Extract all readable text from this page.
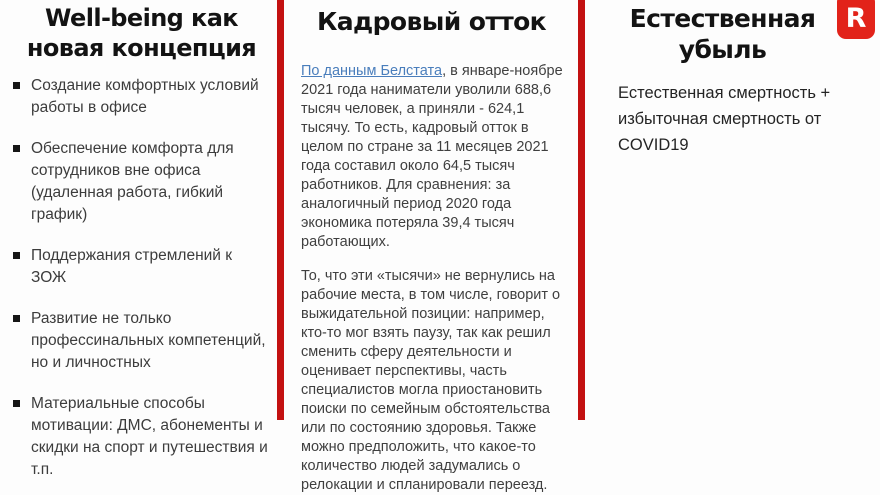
Well-being как новая концепция
Создание комфортных условий работы в офисе
Обеспечение комфорта для сотрудников вне офиса (удаленная работа, гибкий график)
Поддержания стремлений к ЗОЖ
Развитие не только профессинальных компетенций, но и личностных
Материальные способы мотивации: ДМС, абонементы и скидки на спорт и путешествия и т.п.
Кадровый отток

По данным Белстата, в январе-ноябре 2021 года наниматели уволили 688,6 тысяч человек, а приняли - 624,1 тысячу. То есть, кадровый отток в целом по стране за 11 месяцев 2021 года составил около 64,5 тысяч работников. Для сравнения: за аналогичный период 2020 года экономика потеряла 39,4 тысяч работающих.

То, что эти «тысячи» не вернулись на рабочие места, в том числе, говорит о выжидательной позиции: например, кто-то мог взять паузу, так как решил сменить сферу деятельности и оценивает перспективы, часть специалистов могла приостановить поиски по семейным обстоятельства или по состоянию здоровья. Также можно предположить, что какое-то количество людей задумались о релокации и спланировали переезд.

Естественная убыль
Естественная смертность + избыточная смертность от COVID19
R
